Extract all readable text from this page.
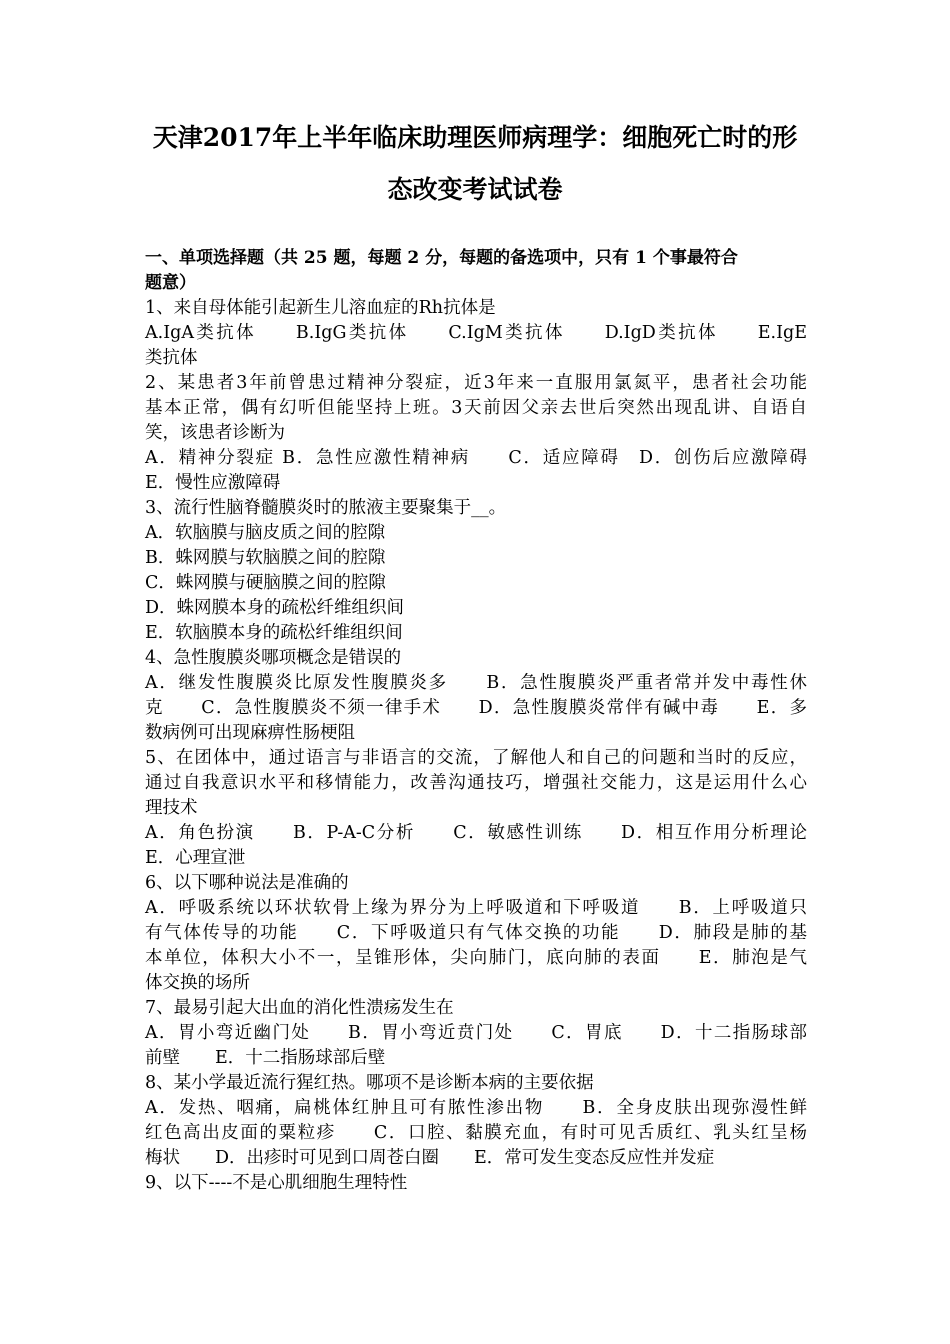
天津2017年上半年临床助理医师病理学：细胞死亡时的形
态改变考试试卷
一、单项选择题（共 25 题，每题 2 分，每题的备选项中，只有 1 个事最符合
题意）
1、来自母体能引起新生儿溶血症的Rh抗体是
A.IgA类抗体　　B.IgG类抗体　　C.IgM类抗体　　D.IgD类抗体　　E.IgE
类抗体
2、某患者3年前曾患过精神分裂症，近3年来一直服用氯氮平，患者社会功能
基本正常，偶有幻听但能坚持上班。3天前因父亲去世后突然出现乱讲、自语自
笑，该患者诊断为
A．精神分裂症 B．急性应激性精神病　　C．适应障碍　D．创伤后应激障碍
E．慢性应激障碍
3、流行性脑脊髓膜炎时的脓液主要聚集于__。
A．软脑膜与脑皮质之间的腔隙
B．蛛网膜与软脑膜之间的腔隙
C．蛛网膜与硬脑膜之间的腔隙
D．蛛网膜本身的疏松纤维组织间
E．软脑膜本身的疏松纤维组织间
4、急性腹膜炎哪项概念是错误的
A．继发性腹膜炎比原发性腹膜炎多　　B．急性腹膜炎严重者常并发中毒性休
克　　C．急性腹膜炎不须一律手术　　D．急性腹膜炎常伴有碱中毒　　E．多
数病例可出现麻痹性肠梗阻
5、在团体中，通过语言与非语言的交流，了解他人和自己的问题和当时的反应，
通过自我意识水平和移情能力，改善沟通技巧，增强社交能力，这是运用什么心
理技术
A．角色扮演　　B．P-A-C分析　　C．敏感性训练　　D．相互作用分析理论
E．心理宣泄
6、以下哪种说法是准确的
A．呼吸系统以环状软骨上缘为界分为上呼吸道和下呼吸道　　B．上呼吸道只
有气体传导的功能　　C．下呼吸道只有气体交换的功能　　D．肺段是肺的基
本单位，体积大小不一，呈锥形体，尖向肺门，底向肺的表面　　E．肺泡是气
体交换的场所
7、最易引起大出血的消化性溃疡发生在
A．胃小弯近幽门处　　B．胃小弯近贲门处　　C．胃底　　D．十二指肠球部
前壁　　E．十二指肠球部后壁
8、某小学最近流行猩红热。哪项不是诊断本病的主要依据
A．发热、咽痛，扁桃体红肿且可有脓性渗出物　　B．全身皮肤出现弥漫性鲜
红色高出皮面的粟粒疹　　C．口腔、黏膜充血，有时可见舌质红、乳头红呈杨
梅状　　D．出疹时可见到口周苍白圈　　E．常可发生变态反应性并发症
9、以下----不是心肌细胞生理特性
